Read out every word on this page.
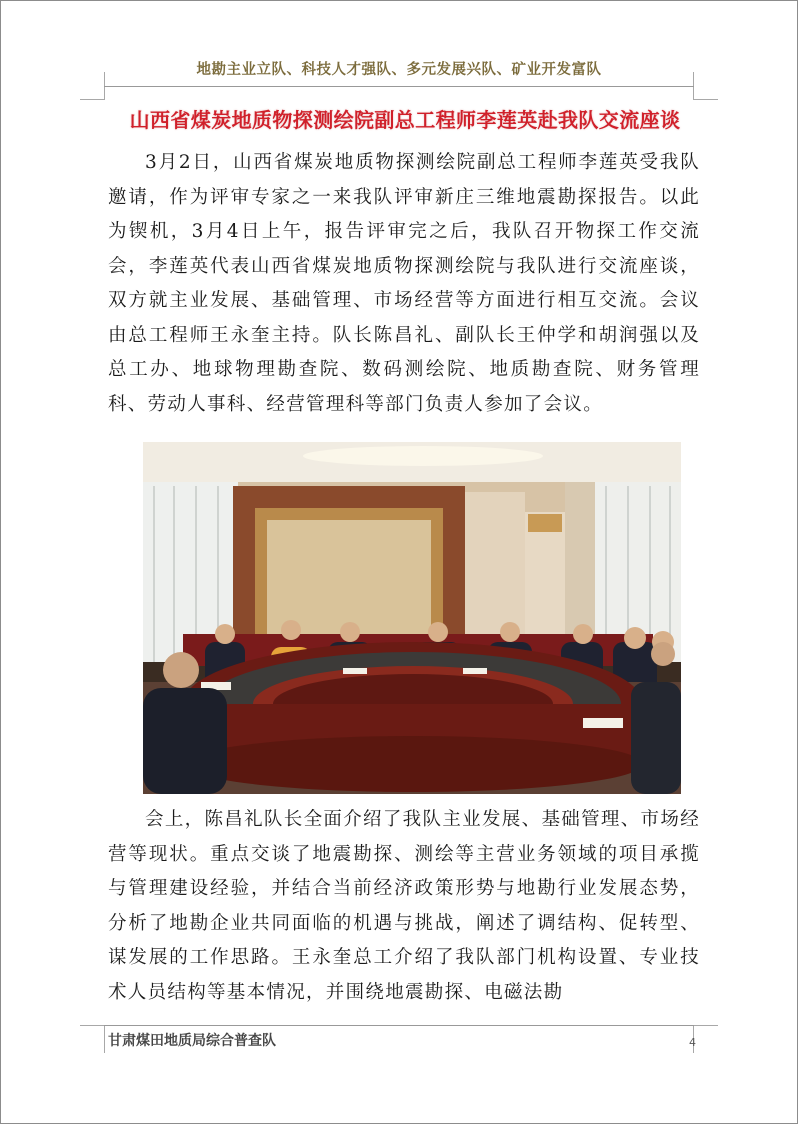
地勘主业立队、科技人才强队、多元发展兴队、矿业开发富队
山西省煤炭地质物探测绘院副总工程师李莲英赴我队交流座谈

3月2日，山西省煤炭地质物探测绘院副总工程师李莲英受我队邀请，作为评审专家之一来我队评审新庄三维地震勘探报告。以此为锲机，3月4日上午，报告评审完之后，我队召开物探工作交流会，李莲英代表山西省煤炭地质物探测绘院与我队进行交流座谈，双方就主业发展、基础管理、市场经营等方面进行相互交流。会议由总工程师王永奎主持。队长陈昌礼、副队长王仲学和胡润强以及总工办、地球物理勘查院、数码测绘院、地质勘查院、财务管理科、劳动人事科、经营管理科等部门负责人参加了会议。

会上，陈昌礼队长全面介绍了我队主业发展、基础管理、市场经营等现状。重点交谈了地震勘探、测绘等主营业务领域的项目承揽与管理建设经验，并结合当前经济政策形势与地勘行业发展态势，分析了地勘企业共同面临的机遇与挑战，阐述了调结构、促转型、谋发展的工作思路。王永奎总工介绍了我队部门机构设置、专业技术人员结构等基本情况，并围绕地震勘探、电磁法勘

甘肃煤田地质局综合普查队	4
